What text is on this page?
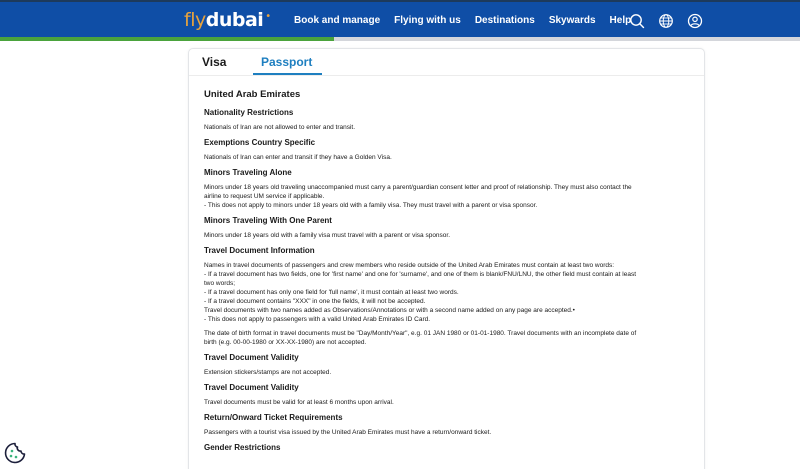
fly dubai • Book and manage Flying with us Destinations Skywards Help
Visa	Passport
United Arab Emirates
Nationality Restrictions
Nationals of Iran are not allowed to enter and transit.
Exemptions Country Specific
Nationals of Iran can enter and transit if they have a Golden Visa.
Minors Traveling Alone
Minors under 18 years old traveling unaccompanied must carry a parent/guardian consent letter and proof of relationship. They must also contact the
airline to request UM service if applicable.
- This does not apply to minors under 18 years old with a family visa. They must travel with a parent or visa sponsor.
Minors Traveling With One Parent
Minors under 18 years old with a family visa must travel with a parent or visa sponsor.
Travel Document Information
Names in travel documents of passengers and crew members who reside outside of the United Arab Emirates must contain at least two words:
- If a travel document has two fields, one for 'first name' and one for 'surname', and one of them is blank/FNU/LNU, the other field must contain at least
two words;
- If a travel document has only one field for 'full name', it must contain at least two words.
- If a travel document contains "XXX" in one the fields, it will not be accepted.
Travel documents with two names added as Observations/Annotations or with a second name added on any page are accepted.•
- This does not apply to passengers with a valid United Arab Emirates ID Card.
The date of birth format in travel documents must be "Day/Month/Year", e.g. 01 JAN 1980 or 01-01-1980. Travel documents with an incomplete date of
birth (e.g. 00-00-1980 or XX-XX-1980) are not accepted.
Travel Document Validity
Extension stickers/stamps are not accepted.
Travel Document Validity
Travel documents must be valid for at least 6 months upon arrival.
Return/Onward Ticket Requirements
Passengers with a tourist visa issued by the United Arab Emirates must have a return/onward ticket.
Gender Restrictions
